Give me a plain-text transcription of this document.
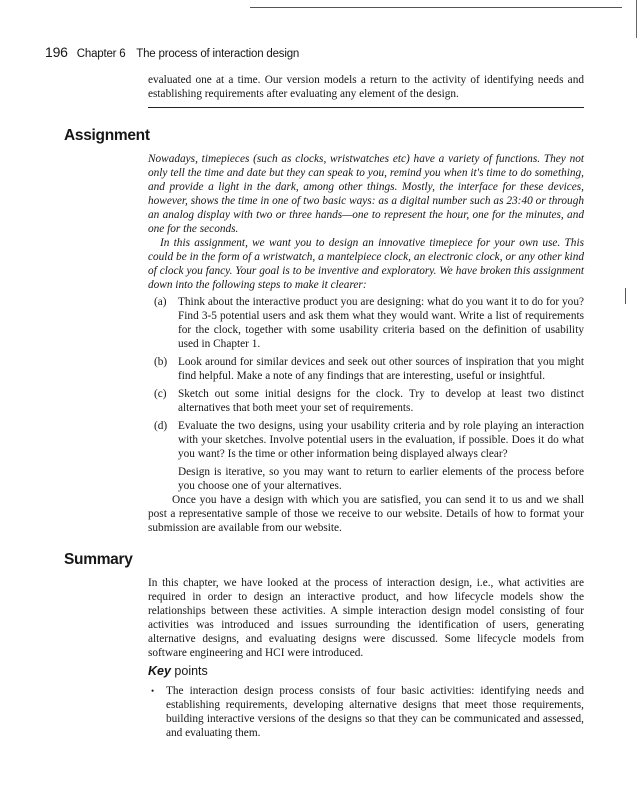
196 Chapter 6 The process of interaction design
evaluated one at a time. Our version models a return to the activity of identifying needs and establishing requirements after evaluating any element of the design.
Assignment

Nowadays, timepieces (such as clocks, wristwatches etc) have a variety of functions. They not only tell the time and date but they can speak to you, remind you when it's time to do something, and provide a light in the dark, among other things. Mostly, the interface for these devices, however, shows the time in one of two basic ways: as a digital number such as 23:40 or through an analog display with two or three hands—one to represent the hour, one for the minutes, and one for the seconds.

In this assignment, we want you to design an innovative timepiece for your own use. This could be in the form of a wristwatch, a mantelpiece clock, an electronic clock, or any other kind of clock you fancy. Your goal is to be inventive and exploratory. We have broken this assignment down into the following steps to make it clearer:

(a) Think about the interactive product you are designing: what do you want it to do for you? Find 3-5 potential users and ask them what they would want. Write a list of requirements for the clock, together with some usability criteria based on the definition of usability used in Chapter 1.
(b) Look around for similar devices and seek out other sources of inspiration that you might find helpful. Make a note of any findings that are interesting, useful or insightful.
(c) Sketch out some initial designs for the clock. Try to develop at least two distinct alternatives that both meet your set of requirements.
(d) Evaluate the two designs, using your usability criteria and by role playing an interaction with your sketches. Involve potential users in the evaluation, if possible. Does it do what you want? Is the time or other information being displayed always clear?

Design is iterative, so you may want to return to earlier elements of the process before you choose one of your alternatives.

Once you have a design with which you are satisfied, you can send it to us and we shall post a representative sample of those we receive to our website. Details of how to format your submission are available from our website.

Summary
In this chapter, we have looked at the process of interaction design, i.e., what activities are required in order to design an interactive product, and how lifecycle models show the relationships between these activities. A simple interaction design model consisting of four activities was introduced and issues surrounding the identification of users, generating alternative designs, and evaluating designs were discussed. Some lifecycle models from software engineering and HCI were introduced.
Key points
• The interaction design process consists of four basic activities: identifying needs and establishing requirements, developing alternative designs that meet those requirements, building interactive versions of the designs so that they can be communicated and assessed, and evaluating them.
